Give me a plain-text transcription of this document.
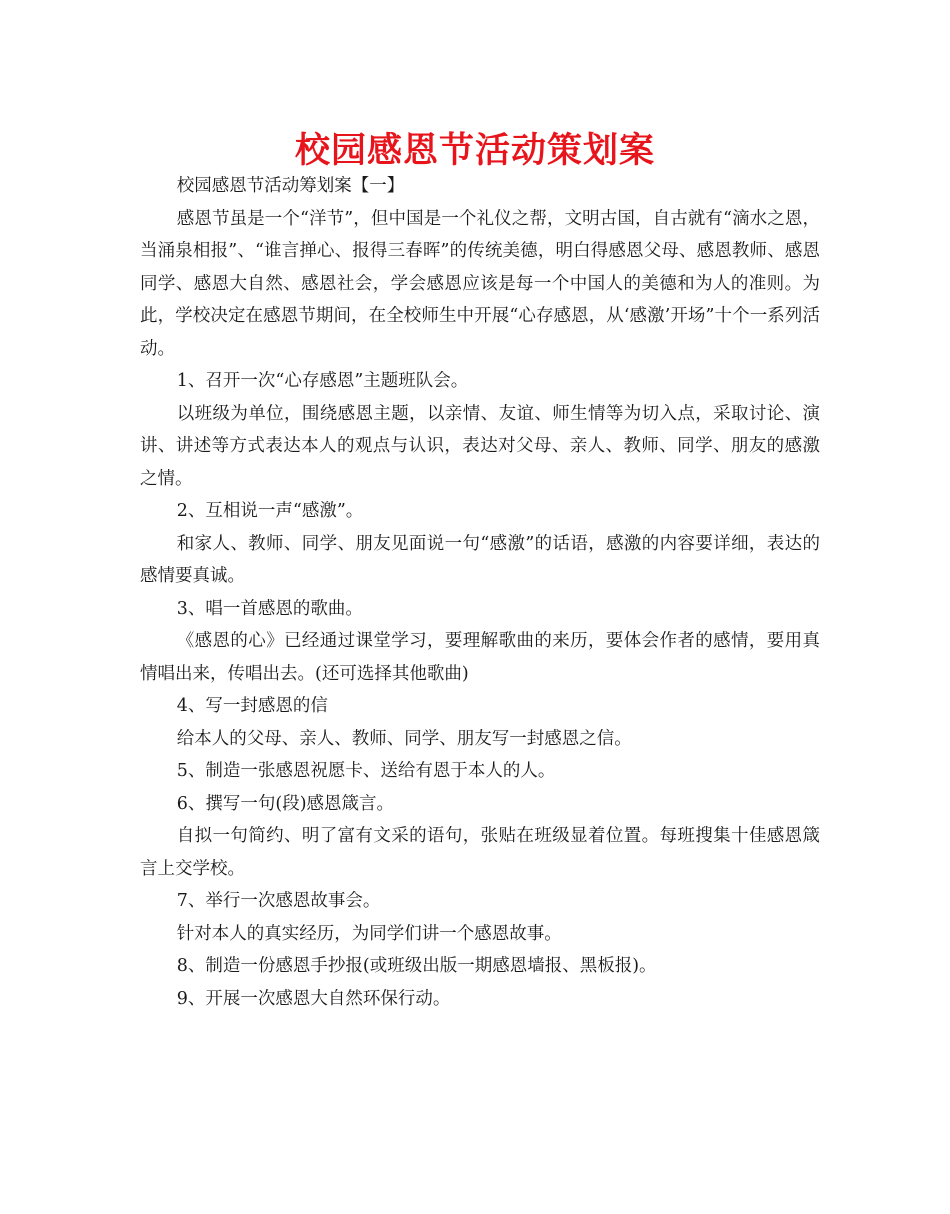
校园感恩节活动策划案

校园感恩节活动筹划案【一】

感恩节虽是一个“洋节”，但中国是一个礼仪之帮，文明古国，自古就有“滴水之恩，当涌泉相报”、“谁言掸心、报得三春晖”的传统美德，明白得感恩父母、感恩教师、感恩同学、感恩大自然、感恩社会，学会感恩应该是每一个中国人的美德和为人的准则。为此，学校决定在感恩节期间，在全校师生中开展“心存感恩，从‘感激’开场”十个一系列活动。

1、召开一次“心存感恩”主题班队会。

以班级为单位，围绕感恩主题，以亲情、友谊、师生情等为切入点，采取讨论、演讲、讲述等方式表达本人的观点与认识，表达对父母、亲人、教师、同学、朋友的感激之情。

2、互相说一声“感激”。

和家人、教师、同学、朋友见面说一句“感激”的话语，感激的内容要详细，表达的感情要真诚。

3、唱一首感恩的歌曲。

《感恩的心》已经通过课堂学习，要理解歌曲的来历，要体会作者的感情，要用真情唱出来，传唱出去。(还可选择其他歌曲)

4、写一封感恩的信

给本人的父母、亲人、教师、同学、朋友写一封感恩之信。

5、制造一张感恩祝愿卡、送给有恩于本人的人。

6、撰写一句(段)感恩箴言。

自拟一句简约、明了富有文采的语句，张贴在班级显着位置。每班搜集十佳感恩箴言上交学校。

7、举行一次感恩故事会。

针对本人的真实经历，为同学们讲一个感恩故事。

8、制造一份感恩手抄报(或班级出版一期感恩墙报、黑板报)。

9、开展一次感恩大自然环保行动。
